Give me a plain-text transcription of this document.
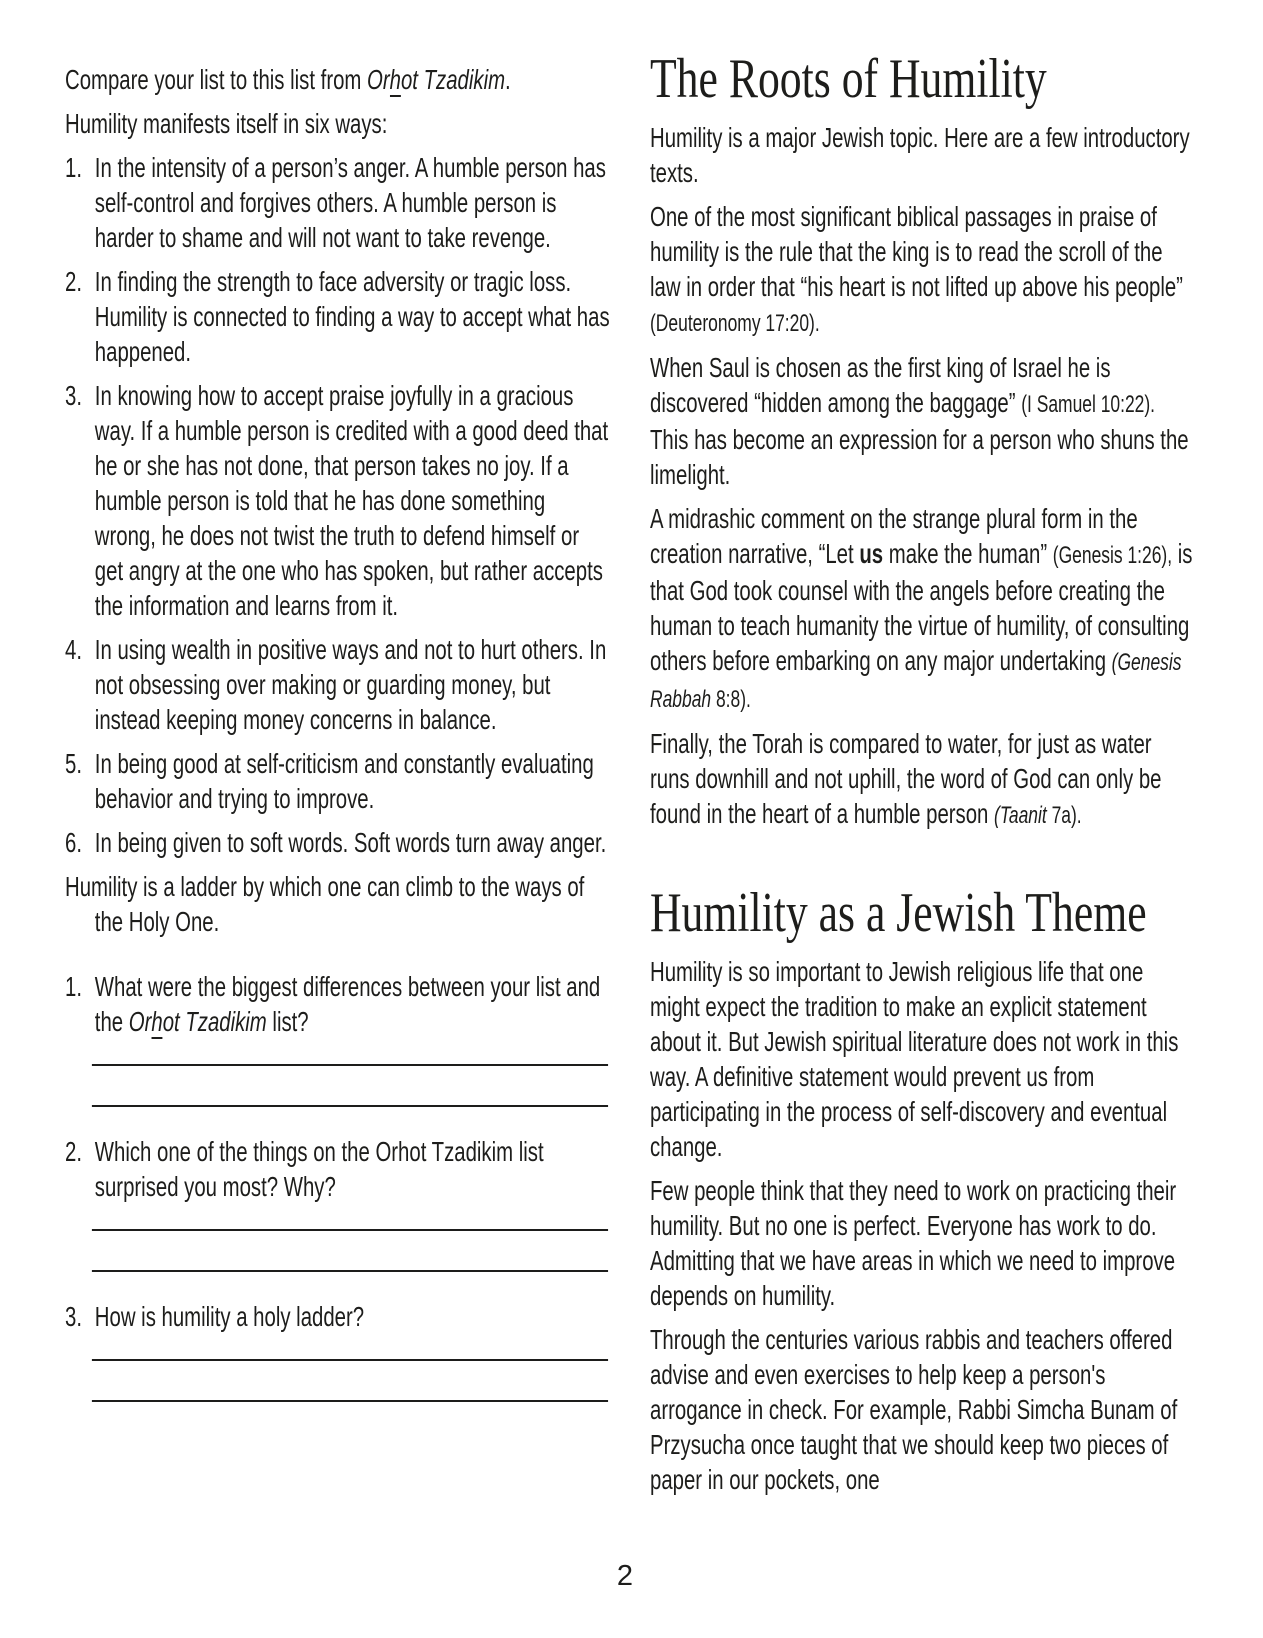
Compare your list to this list from Orhot Tzadikim.

Humility manifests itself in six ways:

1. In the intensity of a person’s anger. A humble person has self-control and forgives others. A humble person is harder to shame and will not want to take revenge.
2. In finding the strength to face adversity or tragic loss. Humility is connected to finding a way to accept what has happened.
3. In knowing how to accept praise joyfully in a gracious way. If a humble person is credited with a good deed that he or she has not done, that person takes no joy. If a humble person is told that he has done something wrong, he does not twist the truth to defend himself or get angry at the one who has spoken, but rather accepts the information and learns from it.
4. In using wealth in positive ways and not to hurt others. In not obsessing over making or guarding money, but instead keeping money concerns in balance.
5. In being good at self-criticism and constantly evaluating behavior and trying to improve.
6. In being given to soft words. Soft words turn away anger.

Humility is a ladder by which one can climb to the ways of the Holy One.

1. What were the biggest differences between your list and the Orhot Tzadikim list?
2. Which one of the things on the Orhot Tzadikim list surprised you most? Why?
3. How is humility a holy ladder?
The Roots of Humility

Humility is a major Jewish topic. Here are a few introductory texts.

One of the most significant biblical passages in praise of humility is the rule that the king is to read the scroll of the law in order that “his heart is not lifted up above his people” (Deuteronomy 17:20).

When Saul is chosen as the first king of Israel he is discovered “hidden among the baggage” (I Samuel 10:22). This has become an expression for a person who shuns the limelight.

A midrashic comment on the strange plural form in the creation narrative, “Let us make the human” (Genesis 1:26), is that God took counsel with the angels before creating the human to teach humanity the virtue of humility, of consulting others before embarking on any major undertaking (Genesis Rabbah 8:8).

Finally, the Torah is compared to water, for just as water runs downhill and not uphill, the word of God can only be found in the heart of a humble person (Taanit 7a).

Humility as a Jewish Theme

Humility is so important to Jewish religious life that one might expect the tradition to make an explicit statement about it. But Jewish spiritual literature does not work in this way. A definitive statement would prevent us from participating in the process of self-discovery and eventual change.

Few people think that they need to work on practicing their humility. But no one is perfect. Everyone has work to do. Admitting that we have areas in which we need to improve depends on humility.

Through the centuries various rabbis and teachers offered advise and even exercises to help keep a person's arrogance in check. For example, Rabbi Simcha Bunam of Przysucha once taught that we should keep two pieces of paper in our pockets, one

2
